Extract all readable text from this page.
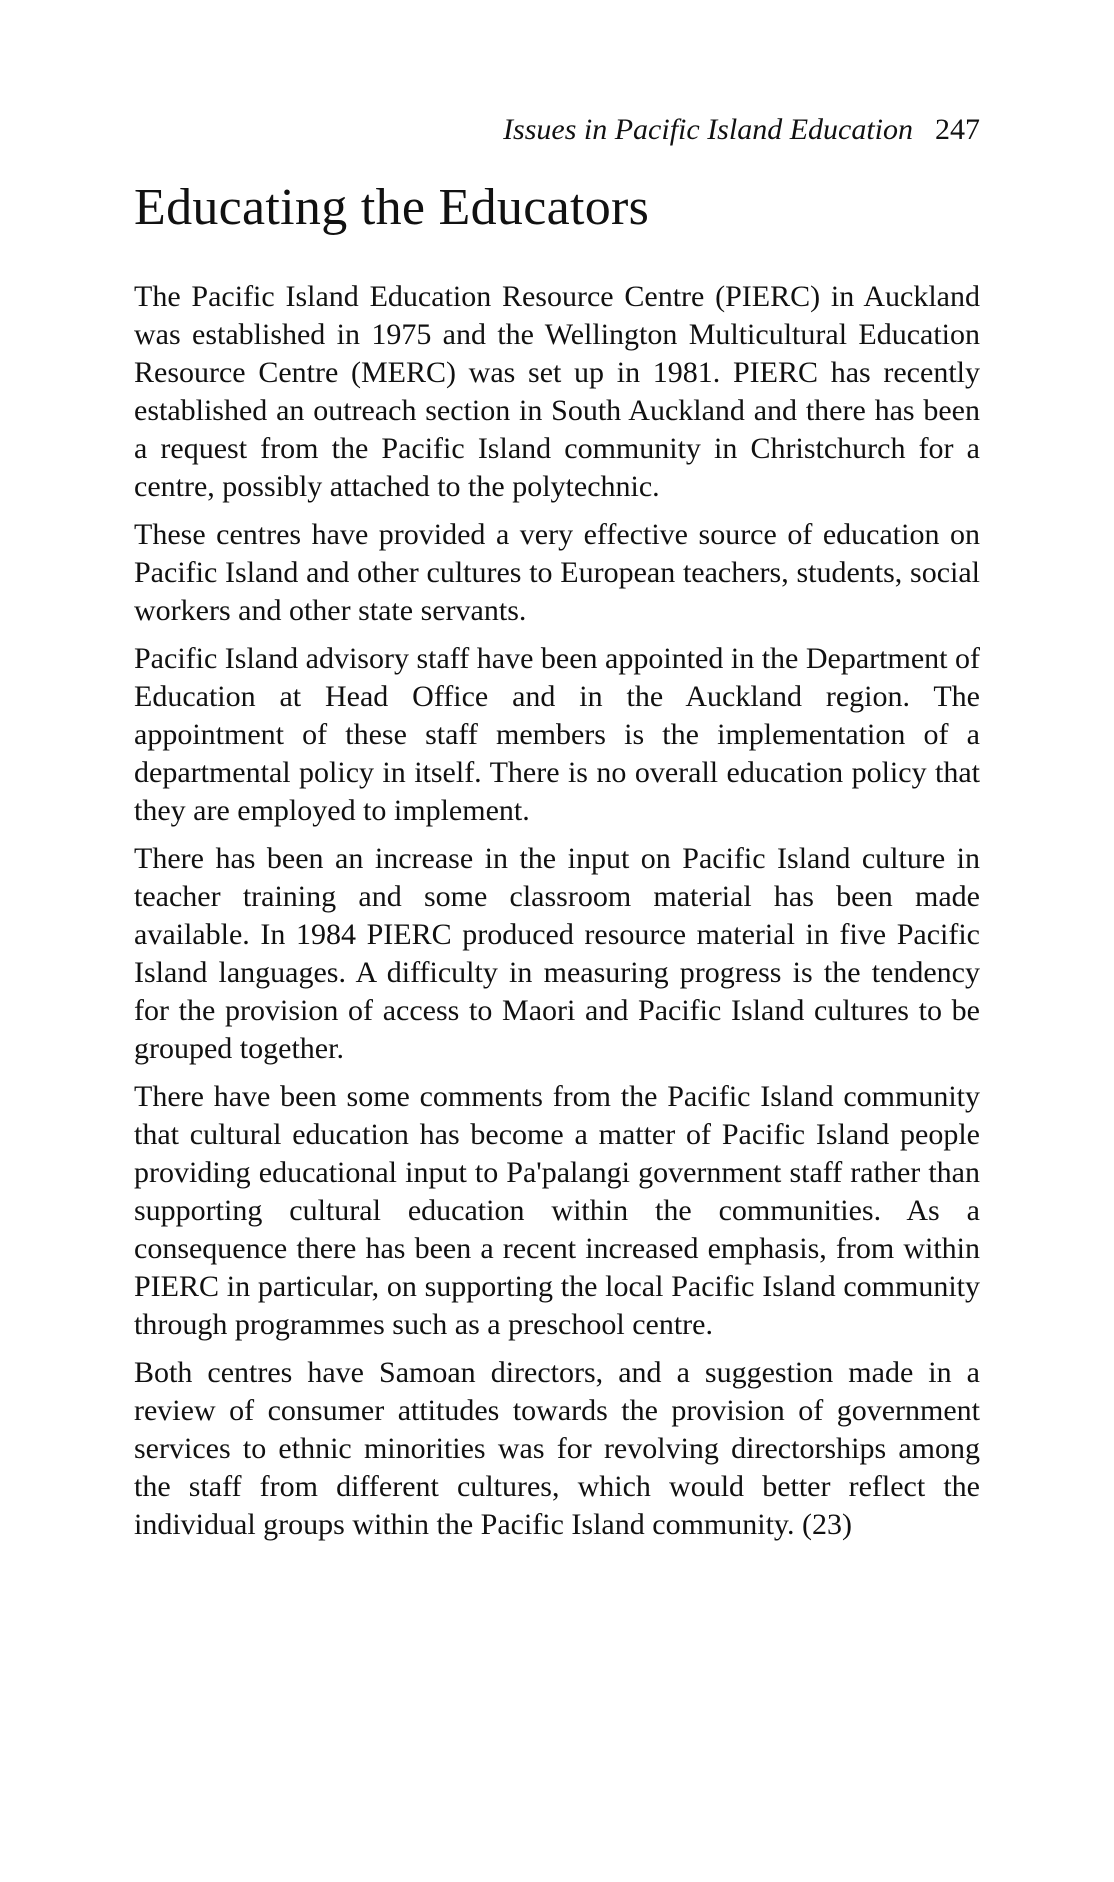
Issues in Pacific Island Education 247
Educating the Educators

The Pacific Island Education Resource Centre (PIERC) in Auckland was established in 1975 and the Wellington Multicultural Education Resource Centre (MERC) was set up in 1981. PIERC has recently established an outreach section in South Auckland and there has been a request from the Pacific Island community in Christchurch for a centre, possibly attached to the polytechnic.

These centres have provided a very effective source of education on Pacific Island and other cultures to European teachers, students, social workers and other state servants.

Pacific Island advisory staff have been appointed in the Department of Education at Head Office and in the Auckland region. The appointment of these staff members is the implementation of a departmental policy in itself. There is no overall education policy that they are employed to implement.

There has been an increase in the input on Pacific Island culture in teacher training and some classroom material has been made available. In 1984 PIERC produced resource material in five Pacific Island languages. A difficulty in measuring progress is the tendency for the provision of access to Maori and Pacific Island cultures to be grouped together.

There have been some comments from the Pacific Island community that cultural education has become a matter of Pacific Island people providing educational input to Pa'palangi government staff rather than supporting cultural education within the communities. As a consequence there has been a recent increased emphasis, from within PIERC in particular, on supporting the local Pacific Island community through programmes such as a preschool centre.

Both centres have Samoan directors, and a suggestion made in a review of consumer attitudes towards the provision of government services to ethnic minorities was for revolving directorships among the staff from different cultures, which would better reflect the individual groups within the Pacific Island community. (23)
